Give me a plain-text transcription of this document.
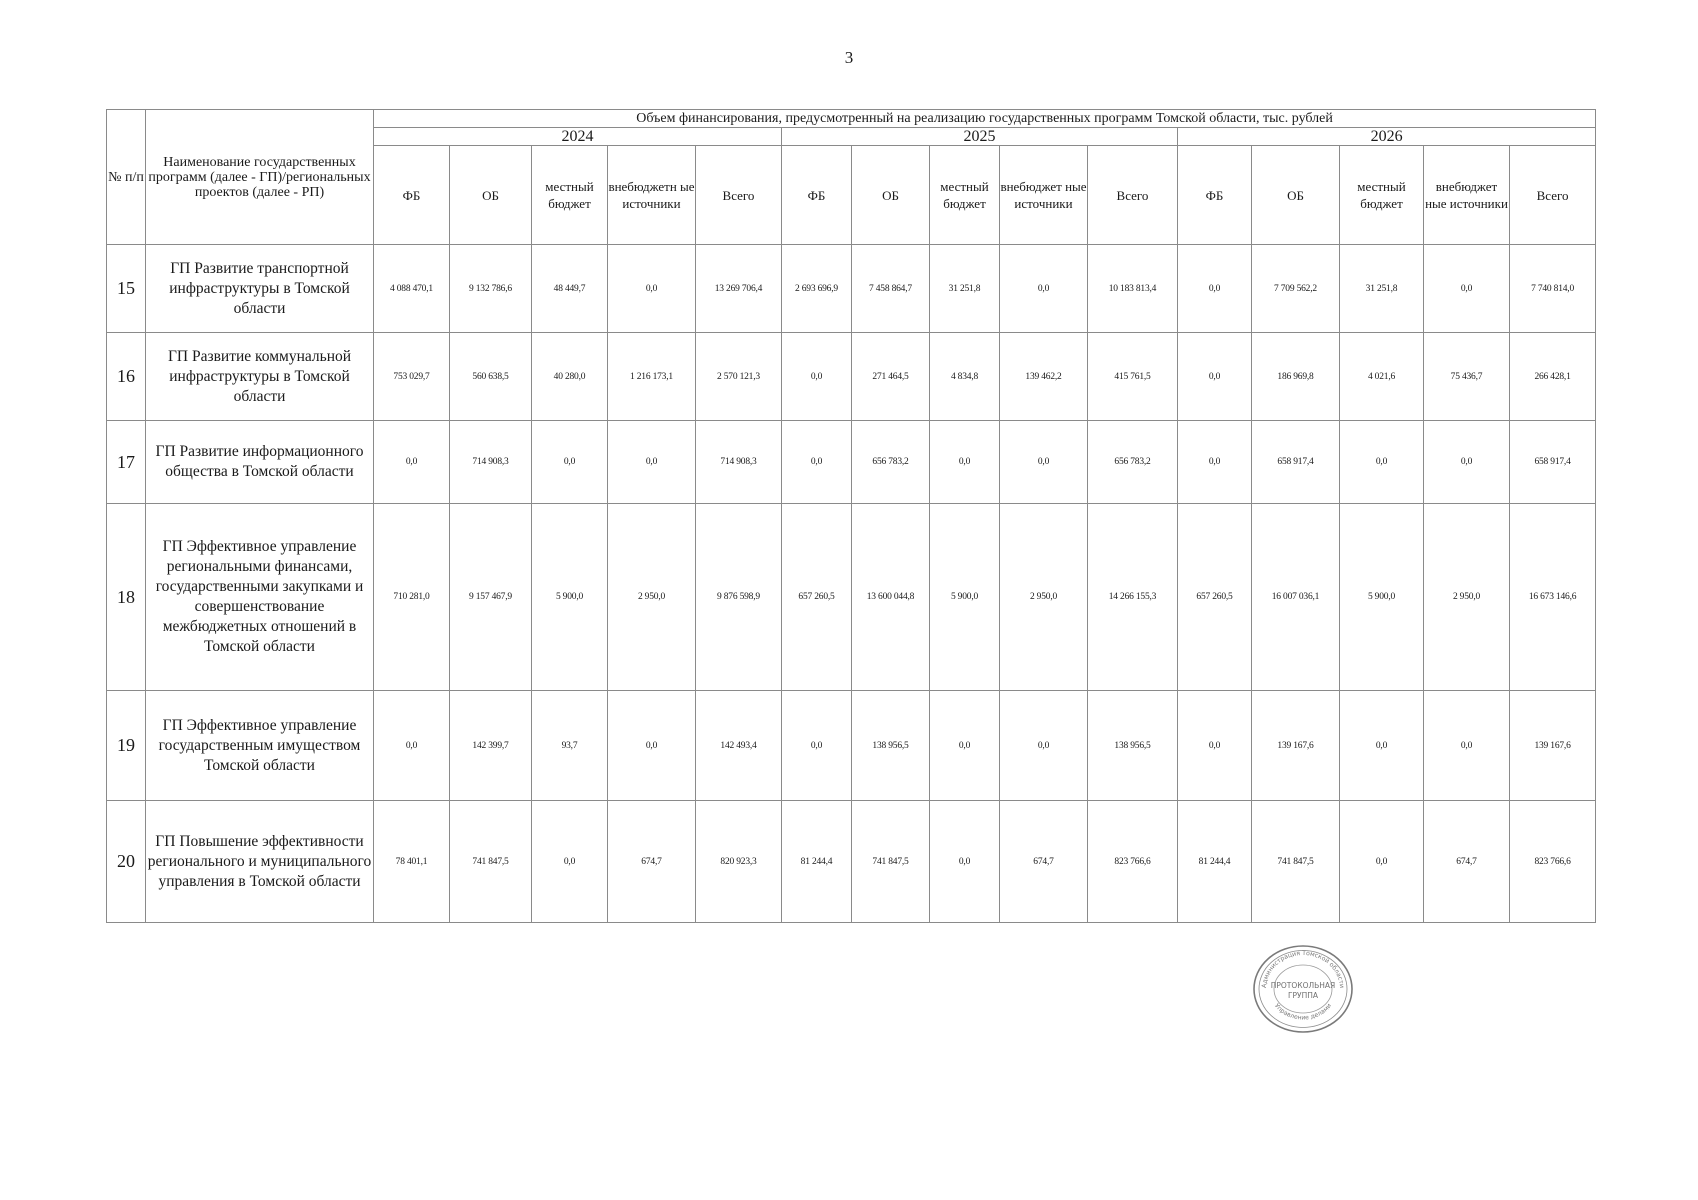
3
№ п/п	Наименование государственных программ (далее - ГП)/региональных проектов (далее - РП)	Объем финансирования, предусмотренный на реализацию государственных программ Томской области, тыс. рублей														
		2024					2025					2026				
		ФБ	ОБ	местный бюджет	внебюджетн ые источники	Всего	ФБ	ОБ	местный бюджет	внебюджет ные источники	Всего	ФБ	ОБ	местный бюджет	внебюджет ные источники	Всего
15	ГП Развитие транспортной инфраструктуры в Томской области	4 088 470,1	9 132 786,6	48 449,7	0,0	13 269 706,4	2 693 696,9	7 458 864,7	31 251,8	0,0	10 183 813,4	0,0	7 709 562,2	31 251,8	0,0	7 740 814,0
16	ГП Развитие коммунальной инфраструктуры в Томской области	753 029,7	560 638,5	40 280,0	1 216 173,1	2 570 121,3	0,0	271 464,5	4 834,8	139 462,2	415 761,5	0,0	186 969,8	4 021,6	75 436,7	266 428,1
17	ГП Развитие информационного общества в Томской области	0,0	714 908,3	0,0	0,0	714 908,3	0,0	656 783,2	0,0	0,0	656 783,2	0,0	658 917,4	0,0	0,0	658 917,4
18	ГП Эффективное управление региональными финансами, государственными закупками и совершенствование межбюджетных отношений в Томской области	710 281,0	9 157 467,9	5 900,0	2 950,0	9 876 598,9	657 260,5	13 600 044,8	5 900,0	2 950,0	14 266 155,3	657 260,5	16 007 036,1	5 900,0	2 950,0	16 673 146,6
19	ГП Эффективное управление государственным имуществом Томской области	0,0	142 399,7	93,7	0,0	142 493,4	0,0	138 956,5	0,0	0,0	138 956,5	0,0	139 167,6	0,0	0,0	139 167,6
20	ГП Повышение эффективности регионального и муниципального управления в Томской области	78 401,1	741 847,5	0,0	674,7	820 923,3	81 244,4	741 847,5	0,0	674,7	823 766,6	81 244,4	741 847,5	0,0	674,7	823 766,6
Администрация Томской области
Управление делами
ПРОТОКОЛЬНАЯ
ГРУППА
